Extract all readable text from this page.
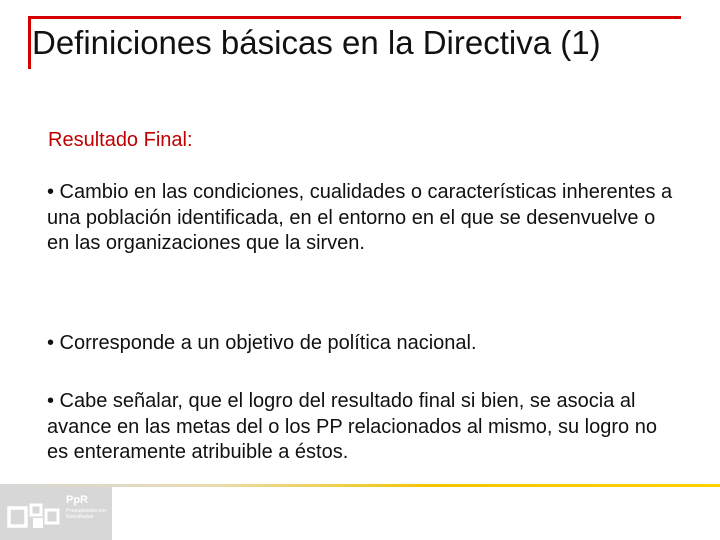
Definiciones básicas en la Directiva (1)
Resultado Final:

• Cambio en las condiciones, cualidades o características inherentes a una población identificada, en el entorno en el que se desenvuelve o en las organizaciones que la sirven.

• Corresponde a un objetivo de política nacional.

• Cabe señalar, que el logro del resultado final si bien, se asocia al avance en las metas del o los PP relacionados al mismo, su logro no es enteramente atribuible a éstos.

PpR
Presupuesto por Resultados
